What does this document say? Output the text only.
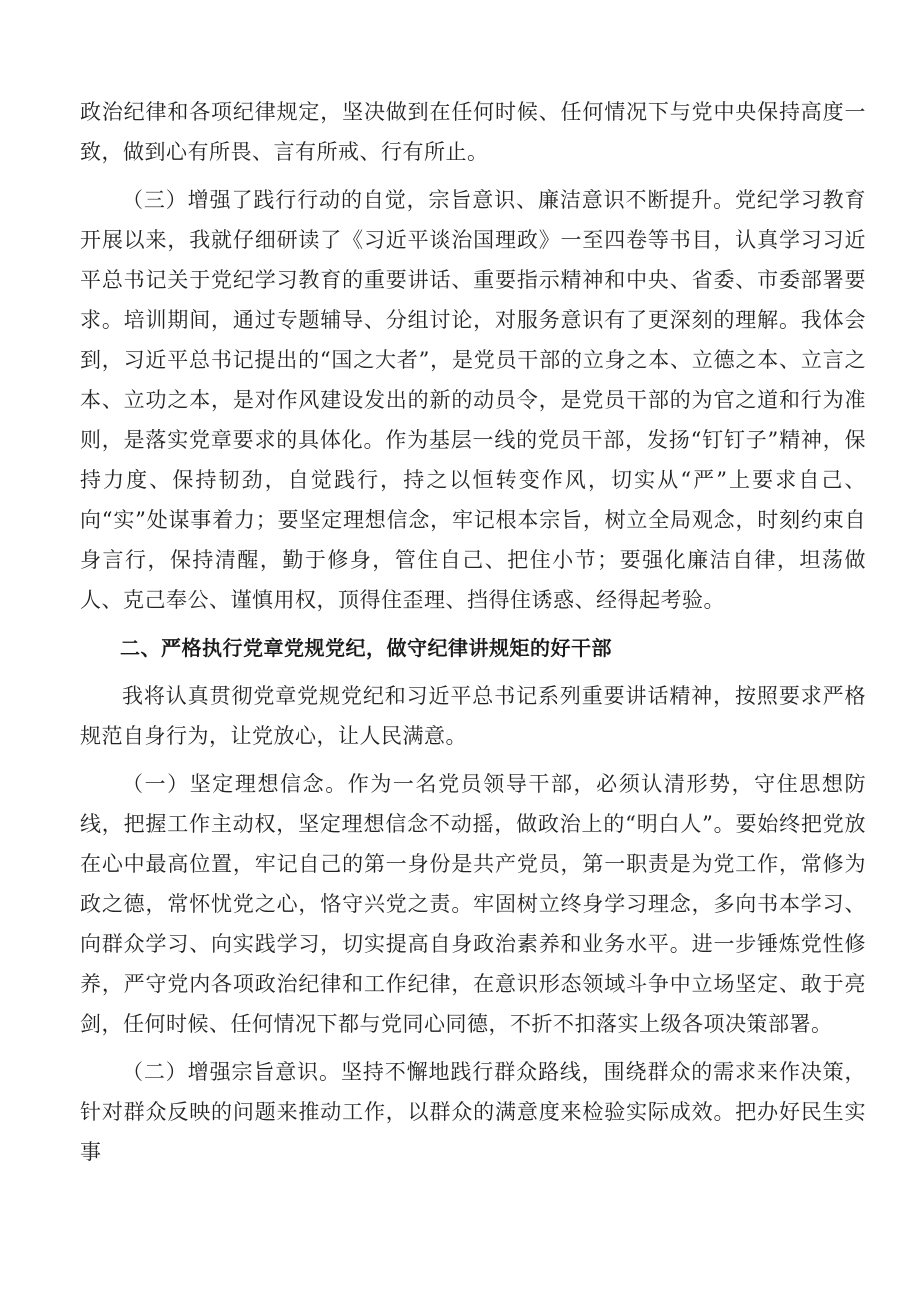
政治纪律和各项纪律规定，坚决做到在任何时候、任何情况下与党中央保持高度一致，做到心有所畏、言有所戒、行有所止。

（三）增强了践行行动的自觉，宗旨意识、廉洁意识不断提升。党纪学习教育开展以来，我就仔细研读了《习近平谈治国理政》一至四卷等书目，认真学习习近平总书记关于党纪学习教育的重要讲话、重要指示精神和中央、省委、市委部署要求。培训期间，通过专题辅导、分组讨论，对服务意识有了更深刻的理解。我体会到，习近平总书记提出的“国之大者”，是党员干部的立身之本、立德之本、立言之本、立功之本，是对作风建设发出的新的动员令，是党员干部的为官之道和行为准则，是落实党章要求的具体化。作为基层一线的党员干部，发扬“钉钉子”精神，保持力度、保持韧劲，自觉践行，持之以恒转变作风，切实从“严”上要求自己、向“实”处谋事着力；要坚定理想信念，牢记根本宗旨，树立全局观念，时刻约束自身言行，保持清醒，勤于修身，管住自己、把住小节；要强化廉洁自律，坦荡做人、克己奉公、谨慎用权，顶得住歪理、挡得住诱惑、经得起考验。

二、严格执行党章党规党纪，做守纪律讲规矩的好干部

我将认真贯彻党章党规党纪和习近平总书记系列重要讲话精神，按照要求严格规范自身行为，让党放心，让人民满意。

（一）坚定理想信念。作为一名党员领导干部，必须认清形势，守住思想防线，把握工作主动权，坚定理想信念不动摇，做政治上的“明白人”。要始终把党放在心中最高位置，牢记自己的第一身份是共产党员，第一职责是为党工作，常修为政之德，常怀忧党之心，恪守兴党之责。牢固树立终身学习理念，多向书本学习、向群众学习、向实践学习，切实提高自身政治素养和业务水平。进一步锤炼党性修养，严守党内各项政治纪律和工作纪律，在意识形态领域斗争中立场坚定、敢于亮剑，任何时候、任何情况下都与党同心同德，不折不扣落实上级各项决策部署。

（二）增强宗旨意识。坚持不懈地践行群众路线，围绕群众的需求来作决策，针对群众反映的问题来推动工作，以群众的满意度来检验实际成效。把办好民生实事
